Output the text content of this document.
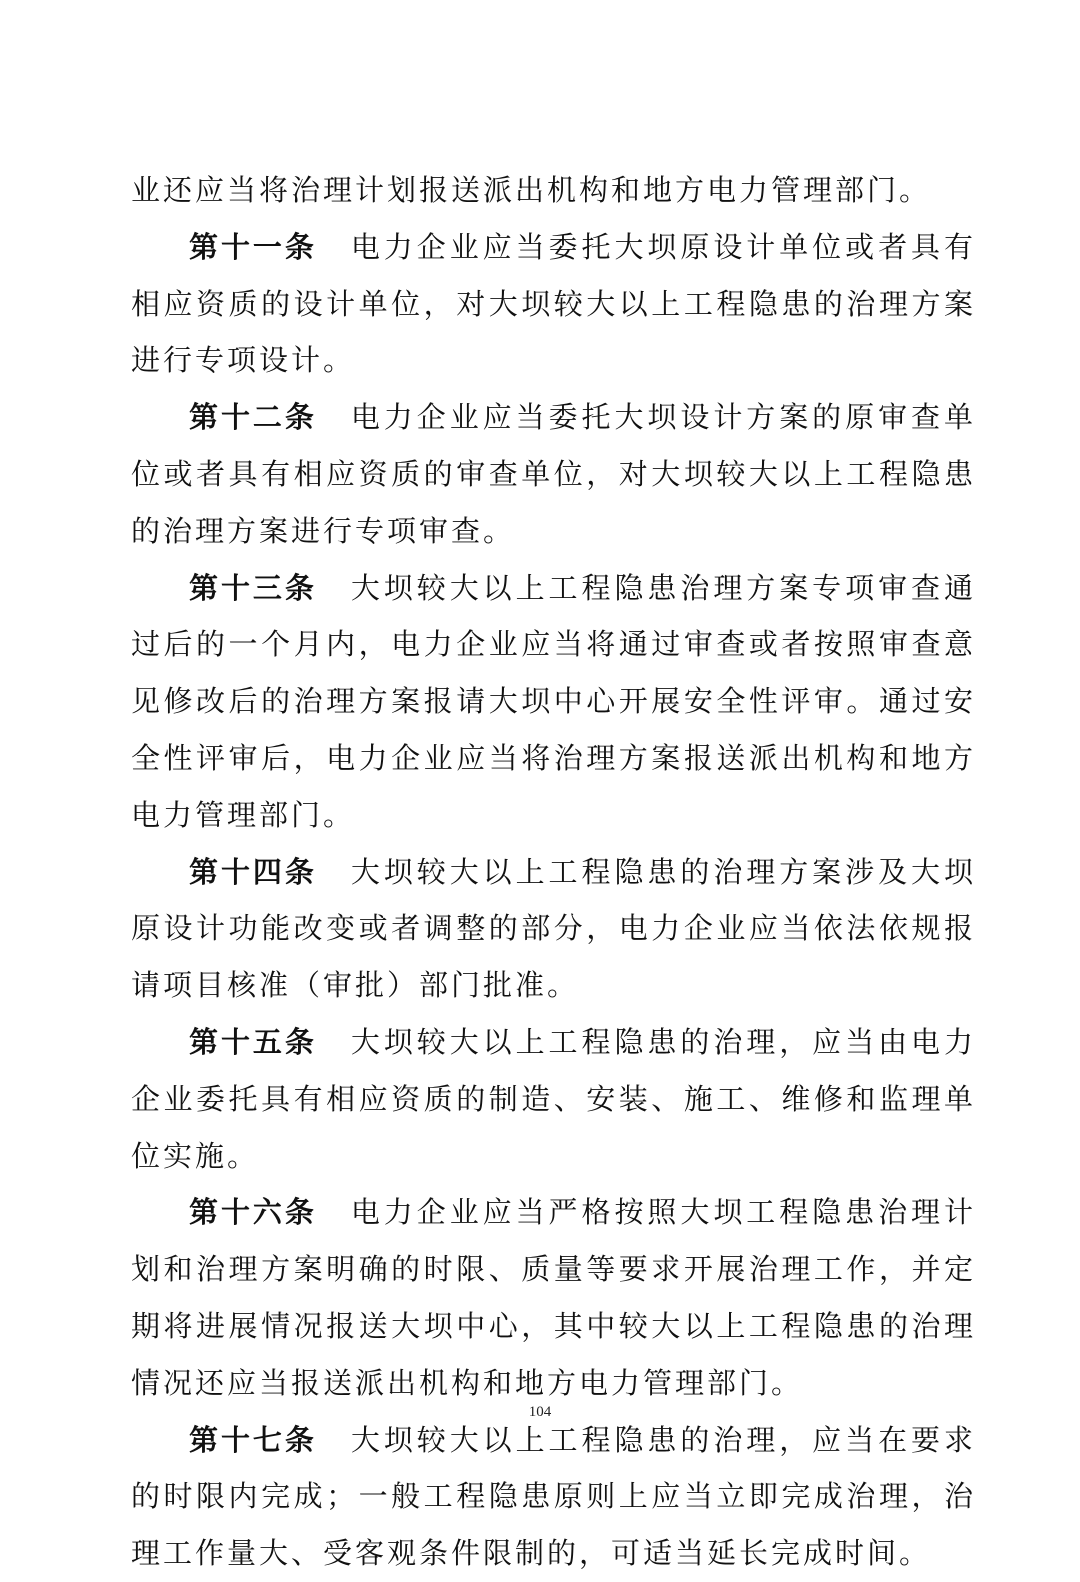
业还应当将治理计划报送派出机构和地方电力管理部门。

第十一条 电力企业应当委托大坝原设计单位或者具有相应资质的设计单位，对大坝较大以上工程隐患的治理方案进行专项设计。

第十二条 电力企业应当委托大坝设计方案的原审查单位或者具有相应资质的审查单位，对大坝较大以上工程隐患的治理方案进行专项审查。

第十三条 大坝较大以上工程隐患治理方案专项审查通过后的一个月内，电力企业应当将通过审查或者按照审查意见修改后的治理方案报请大坝中心开展安全性评审。通过安全性评审后，电力企业应当将治理方案报送派出机构和地方电力管理部门。

第十四条 大坝较大以上工程隐患的治理方案涉及大坝原设计功能改变或者调整的部分，电力企业应当依法依规报请项目核准（审批）部门批准。

第十五条 大坝较大以上工程隐患的治理，应当由电力企业委托具有相应资质的制造、安装、施工、维修和监理单位实施。

第十六条 电力企业应当严格按照大坝工程隐患治理计划和治理方案明确的时限、质量等要求开展治理工作，并定期将进展情况报送大坝中心，其中较大以上工程隐患的治理情况还应当报送派出机构和地方电力管理部门。

第十七条 大坝较大以上工程隐患的治理，应当在要求的时限内完成；一般工程隐患原则上应当立即完成治理，治理工作量大、受客观条件限制的，可适当延长完成时间。

104
